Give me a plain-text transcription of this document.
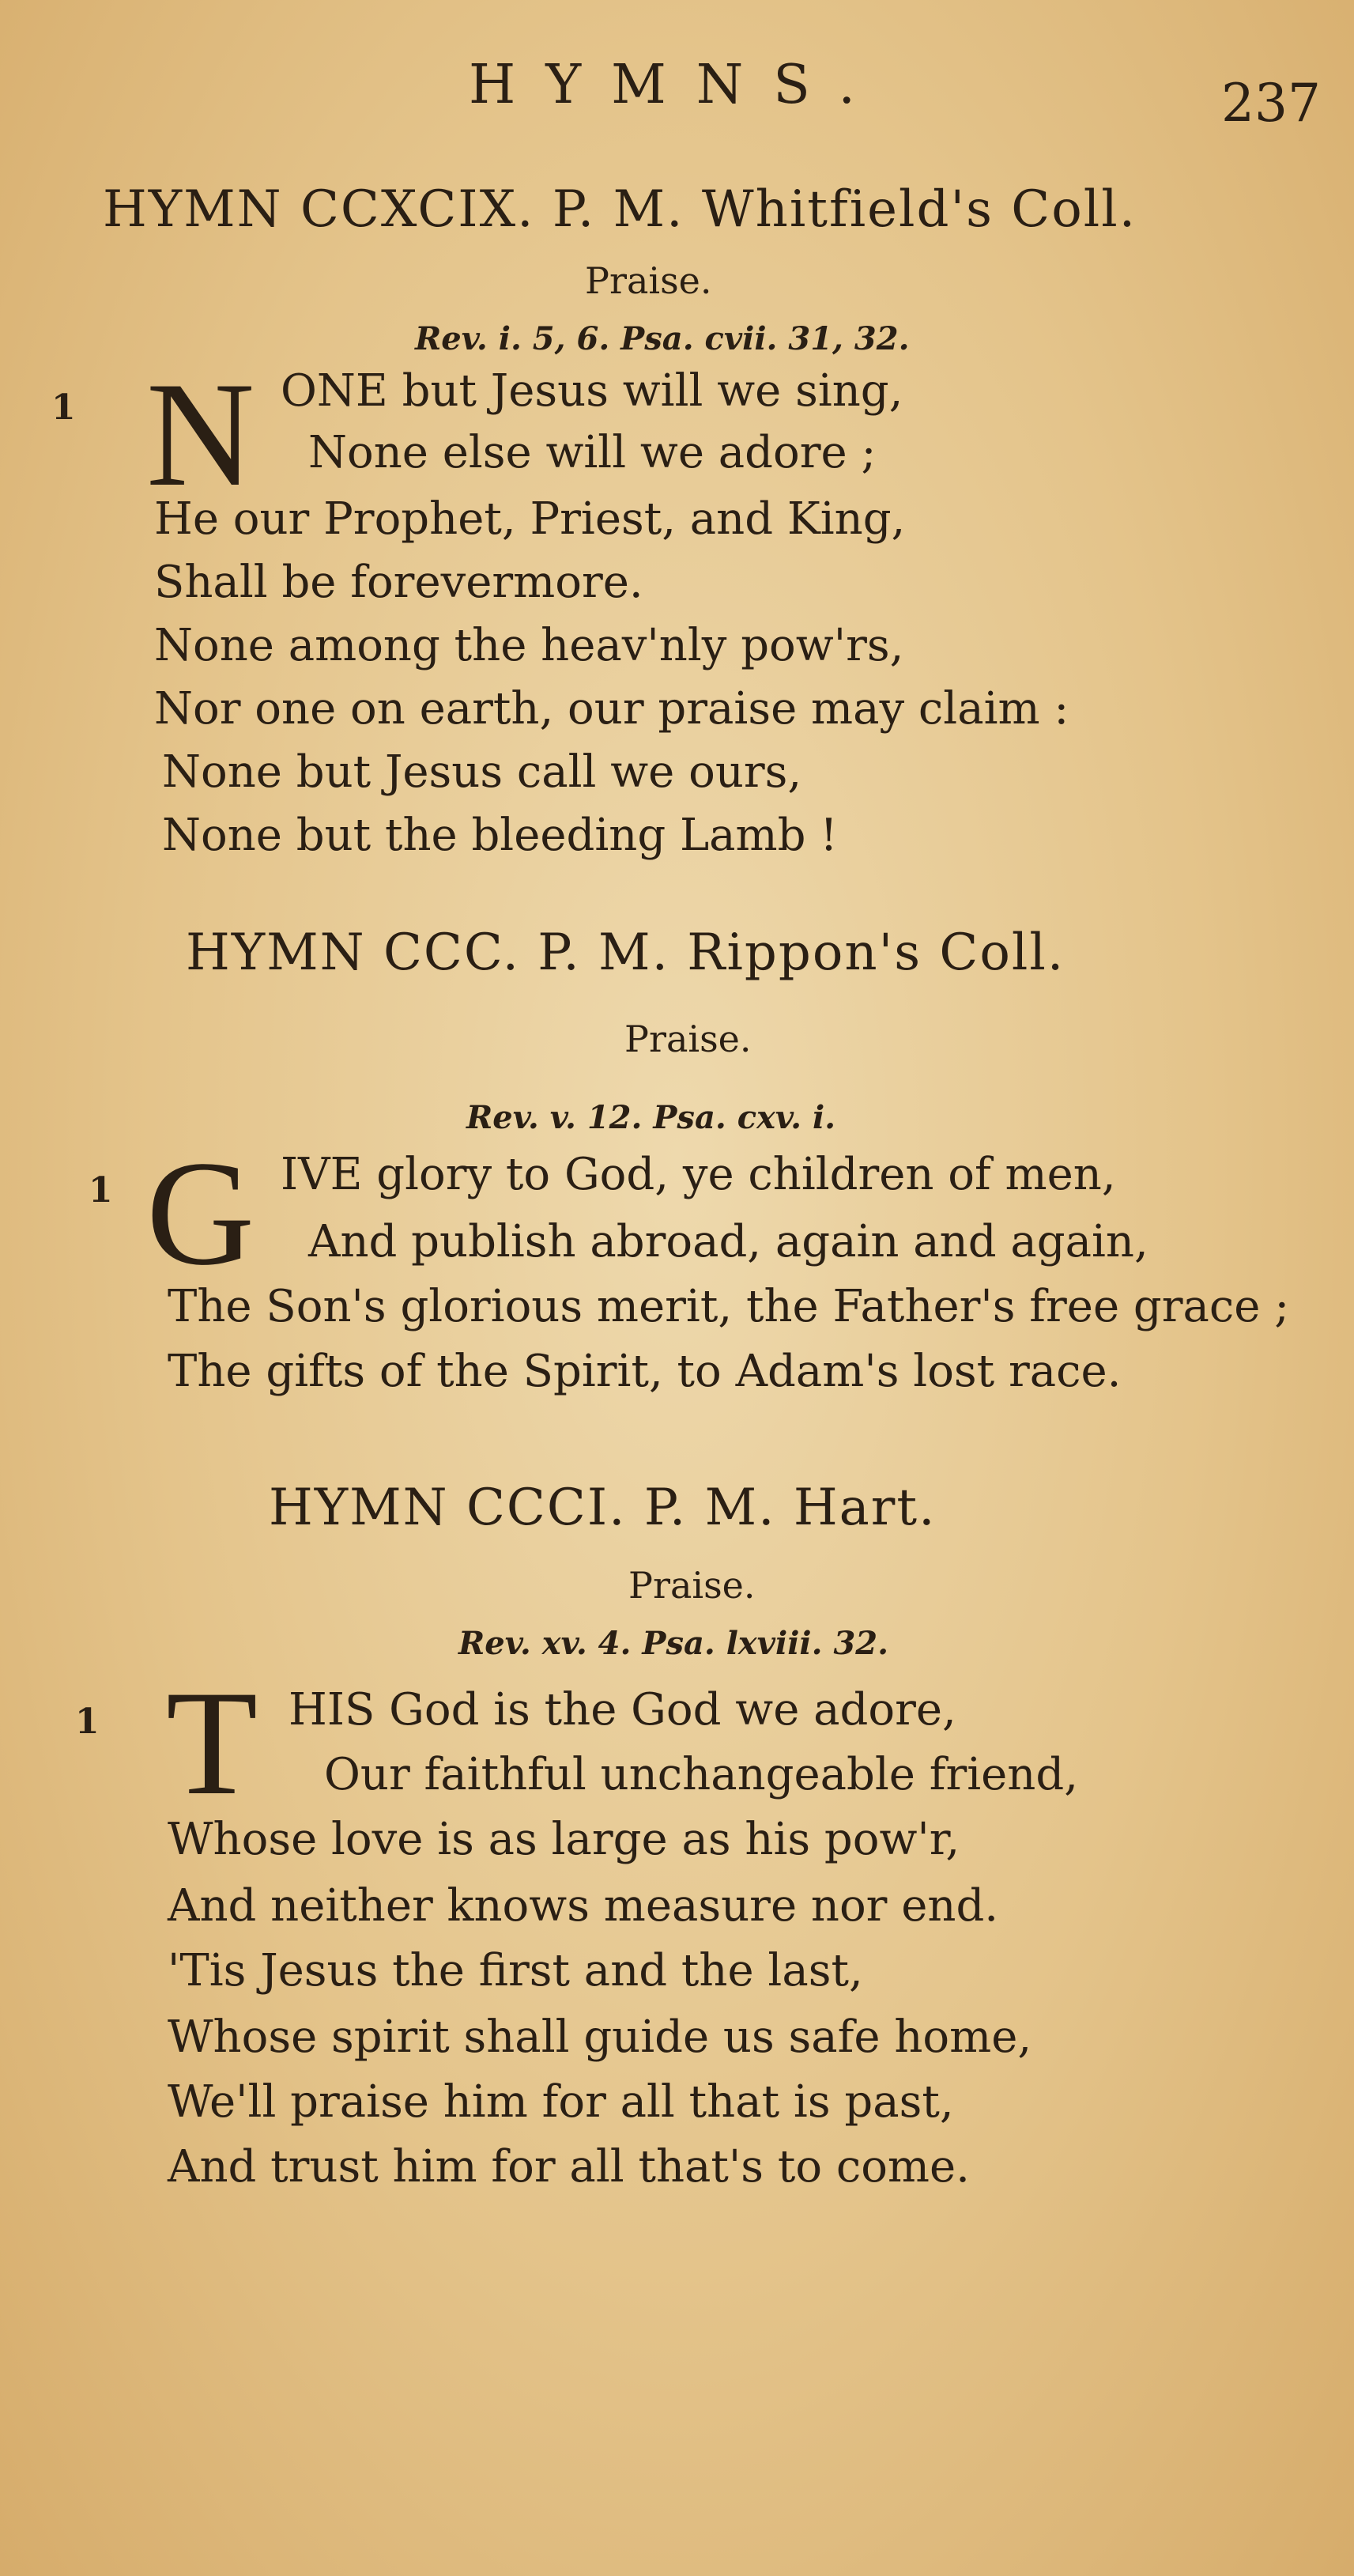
HYMNS.	237
HYMN CCXCIX. P. M. Whitfield's Coll.
Praise.
Rev. i. 5, 6. Psa. cvii. 31, 32.
1 N ONE but Jesus will we sing,
None else will we adore ;
He our Prophet, Priest, and King,
Shall be forevermore.
None among the heav'nly pow'rs,
Nor one on earth, our praise may claim :
None but Jesus call we ours,
None but the bleeding Lamb !
HYMN CCC. P. M. Rippon's Coll.
Praise.
Rev. v. 12. Psa. cxv. i.
1 G IVE glory to God, ye children of men,
And publish abroad, again and again,
The Son's glorious merit, the Father's free grace ;
The gifts of the Spirit, to Adam's lost race.
HYMN CCCI. P. M. Hart.
Praise.
Rev. xv. 4. Psa. lxviii. 32.
1 T HIS God is the God we adore,
Our faithful unchangeable friend,
Whose love is as large as his pow'r,
And neither knows measure nor end.
'Tis Jesus the first and the last,
Whose spirit shall guide us safe home,
We'll praise him for all that is past,
And trust him for all that's to come.
